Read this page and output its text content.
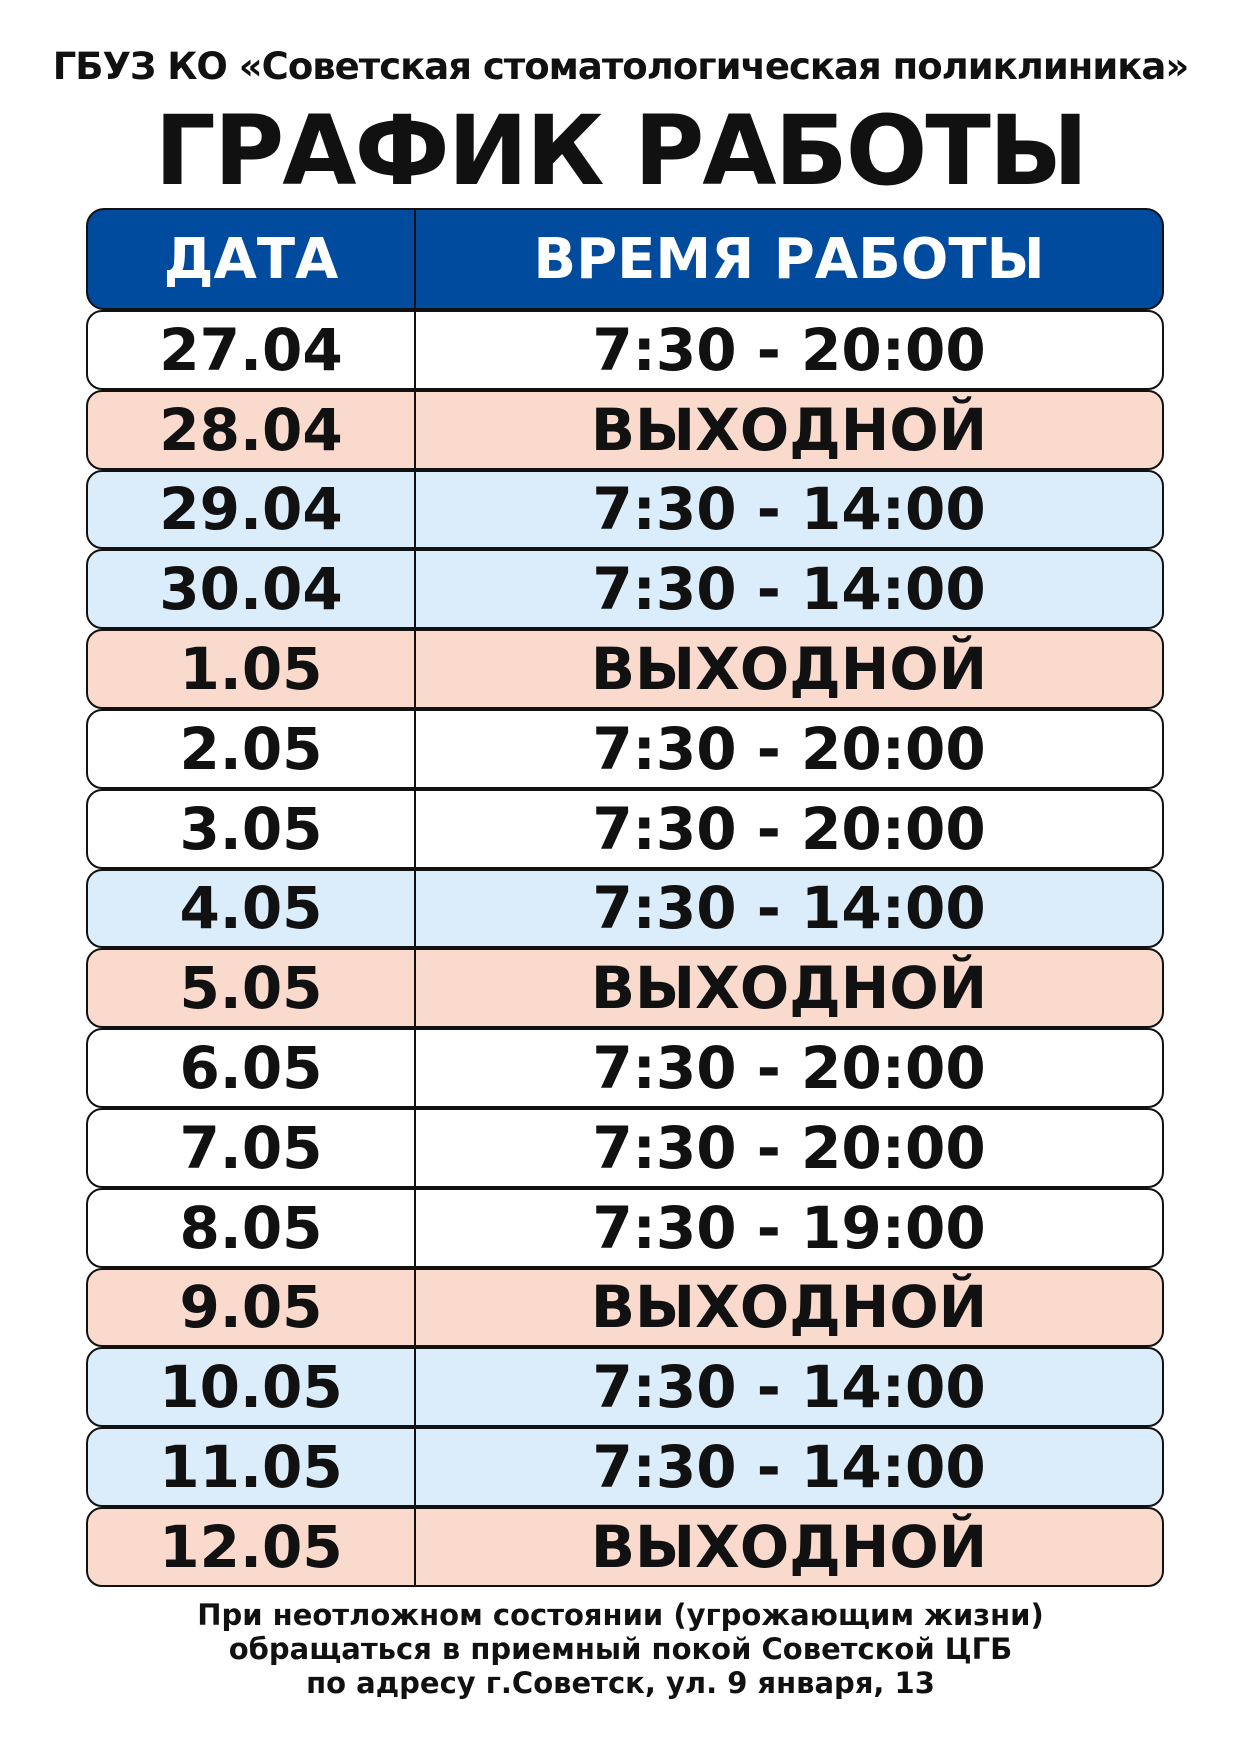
ГБУЗ КО «Советская стоматологическая поликлиника»
ГРАФИК РАБОТЫ
ДАТА	ВРЕМЯ РАБОТЫ
27.04	7:30 - 20:00
28.04	ВЫХОДНОЙ
29.04	7:30 - 14:00
30.04	7:30 - 14:00
1.05	ВЫХОДНОЙ
2.05	7:30 - 20:00
3.05	7:30 - 20:00
4.05	7:30 - 14:00
5.05	ВЫХОДНОЙ
6.05	7:30 - 20:00
7.05	7:30 - 20:00
8.05	7:30 - 19:00
9.05	ВЫХОДНОЙ
10.05	7:30 - 14:00
11.05	7:30 - 14:00
12.05	ВЫХОДНОЙ
При неотложном состоянии (угрожающим жизни)
обращаться в приемный покой Советской ЦГБ
по адресу г.Советск, ул. 9 января, 13
